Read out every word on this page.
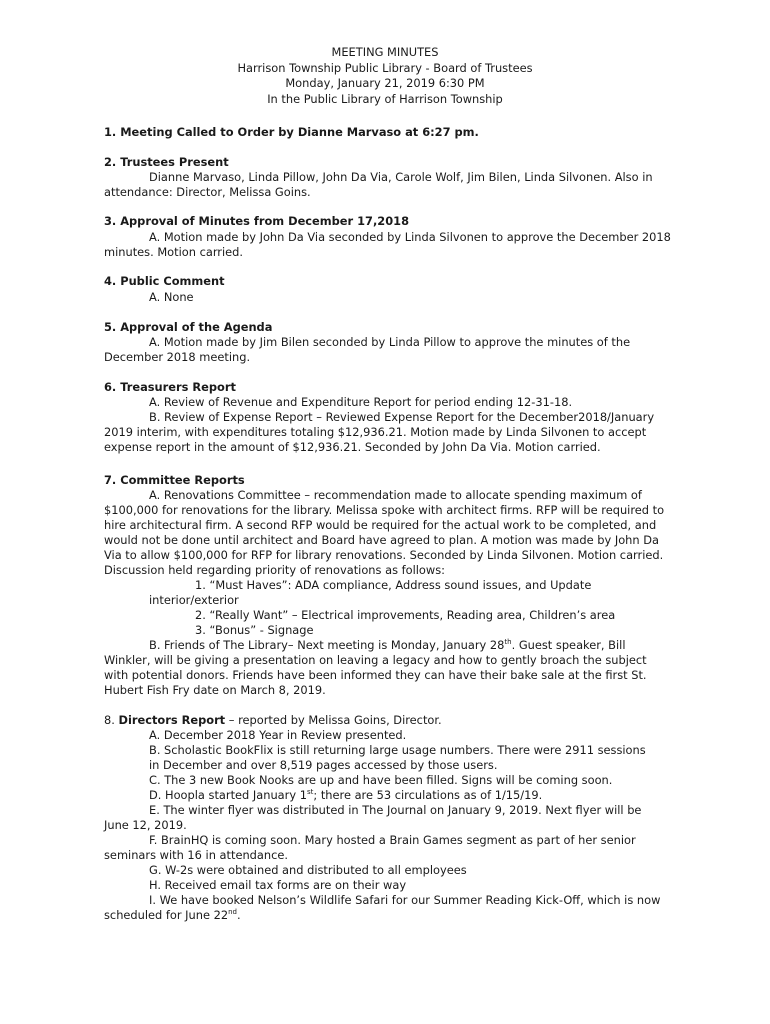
MEETING MINUTES
Harrison Township Public Library - Board of Trustees
Monday, January 21, 2019 6:30 PM
In the Public Library of Harrison Township
1. Meeting Called to Order by Dianne Marvaso at 6:27 pm.
2. Trustees Present
Dianne Marvaso, Linda Pillow, John Da Via, Carole Wolf, Jim Bilen, Linda Silvonen. Also in
attendance: Director, Melissa Goins.
3. Approval of Minutes from December 17,2018
A. Motion made by John Da Via seconded by Linda Silvonen to approve the December 2018
minutes. Motion carried.
4. Public Comment
A. None
5. Approval of the Agenda
A. Motion made by Jim Bilen seconded by Linda Pillow to approve the minutes of the
December 2018 meeting.
6. Treasurers Report
A. Review of Revenue and Expenditure Report for period ending 12-31-18.
B. Review of Expense Report – Reviewed Expense Report for the December2018/January
2019 interim, with expenditures totaling $12,936.21. Motion made by Linda Silvonen to accept
expense report in the amount of $12,936.21. Seconded by John Da Via. Motion carried.
7. Committee Reports
A. Renovations Committee – recommendation made to allocate spending maximum of
$100,000 for renovations for the library. Melissa spoke with architect firms. RFP will be required to
hire architectural firm. A second RFP would be required for the actual work to be completed, and
would not be done until architect and Board have agreed to plan. A motion was made by John Da
Via to allow $100,000 for RFP for library renovations. Seconded by Linda Silvonen. Motion carried.
Discussion held regarding priority of renovations as follows:
1. “Must Haves”: ADA compliance, Address sound issues, and Update
interior/exterior
2. “Really Want” – Electrical improvements, Reading area, Children’s area
3. “Bonus” - Signage
B. Friends of The Library– Next meeting is Monday, January 28th. Guest speaker, Bill
Winkler, will be giving a presentation on leaving a legacy and how to gently broach the subject
with potential donors. Friends have been informed they can have their bake sale at the first St.
Hubert Fish Fry date on March 8, 2019.
8. Directors Report – reported by Melissa Goins, Director.
A. December 2018 Year in Review presented.
B. Scholastic BookFlix is still returning large usage numbers. There were 2911 sessions
in December and over 8,519 pages accessed by those users.
C. The 3 new Book Nooks are up and have been filled. Signs will be coming soon.
D. Hoopla started January 1st; there are 53 circulations as of 1/15/19.
E. The winter flyer was distributed in The Journal on January 9, 2019. Next flyer will be
June 12, 2019.
F. BrainHQ is coming soon. Mary hosted a Brain Games segment as part of her senior
seminars with 16 in attendance.
G. W-2s were obtained and distributed to all employees
H. Received email tax forms are on their way
I. We have booked Nelson’s Wildlife Safari for our Summer Reading Kick-Off, which is now
scheduled for June 22nd.
